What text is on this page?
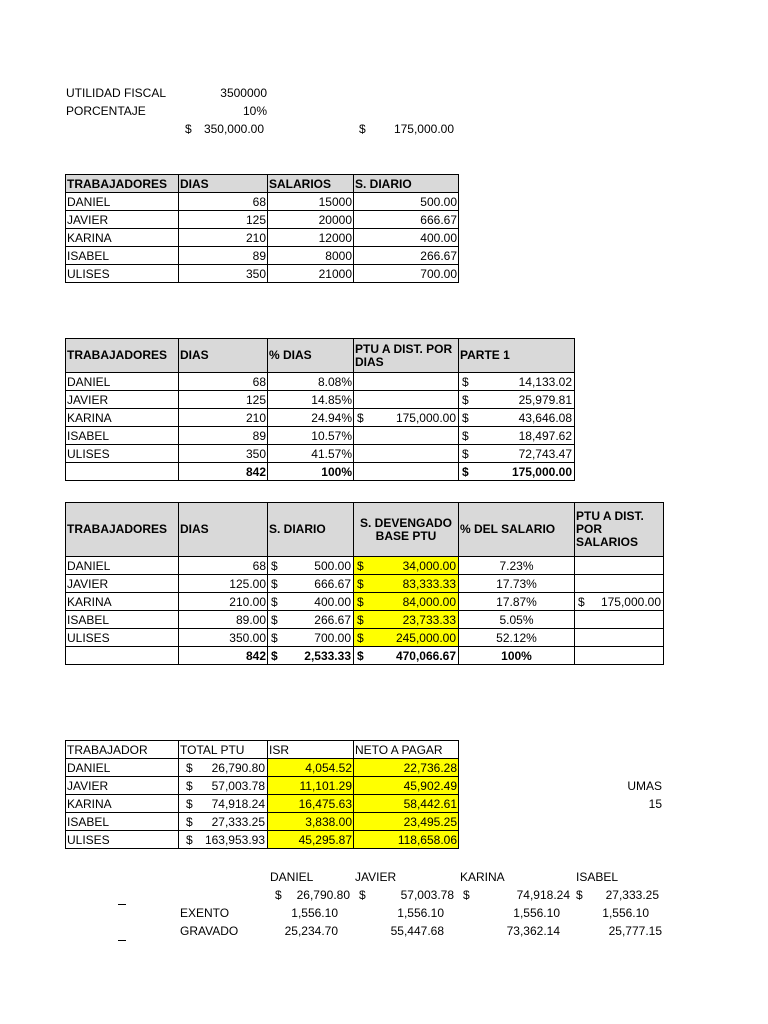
UTILIDAD FISCAL	3500000
PORCENTAJE	10%
$	350,000.00	$	175,000.00
TRABAJADORES	DIAS	SALARIOS	S. DIARIO
DANIEL	68	15000	500.00
JAVIER	125	20000	666.67
KARINA	210	12000	400.00
ISABEL	89	8000	266.67
ULISES	350	21000	700.00
TRABAJADORES	DIAS	% DIAS	PTU A DIST. POR DIAS	PARTE 1
DANIEL	68	8.08%		$ 14,133.02

JAVIER	125	14.85%		$ 25,979.81

KARINA	210	24.94%	$ 175,000.00	$ 43,646.08

ISABEL	89	10.57%		$ 18,497.62

ULISES	350	41.57%		$ 72,743.47

	842	100%		$ 175,000.00
TRABAJADORES	DIAS	S. DIARIO	S. DEVENGADO BASE PTU	% DEL SALARIO	PTU A DIST. POR SALARIOS
DANIEL	68	$ 500.00	$ 34,000.00	7.23%	

JAVIER	125.00	$ 666.67	$ 83,333.33	17.73%	

KARINA	210.00	$ 400.00	$ 84,000.00	17.87%	$ 175,000.00

ISABEL	89.00	$ 266.67	$ 23,733.33	5.05%	

ULISES	350.00	$ 700.00	$ 245,000.00	52.12%	

	842	$ 2,533.33	$ 470,066.67	100%	
TRABAJADOR	TOTAL PTU	ISR	NETO A PAGAR
DANIEL	$ 26,790.80	4,054.52	22,736.28
JAVIER	$ 57,003.78	11,101.29	45,902.49
KARINA	$ 74,918.24	16,475.63	58,442.61
ISABEL	$ 27,333.25	3,838.00	23,495.25
ULISES	$ 163,953.93	45,295.87	118,658.06
UMAS
15
DANIEL	JAVIER	KARINA	ISABEL
$	26,790.80 $	57,003.78 $	74,918.24 $	27,333.25
EXENTO	1,556.10	1,556.10	1,556.10	1,556.10
GRAVADO	25,234.70	55,447.68	73,362.14	25,777.15
